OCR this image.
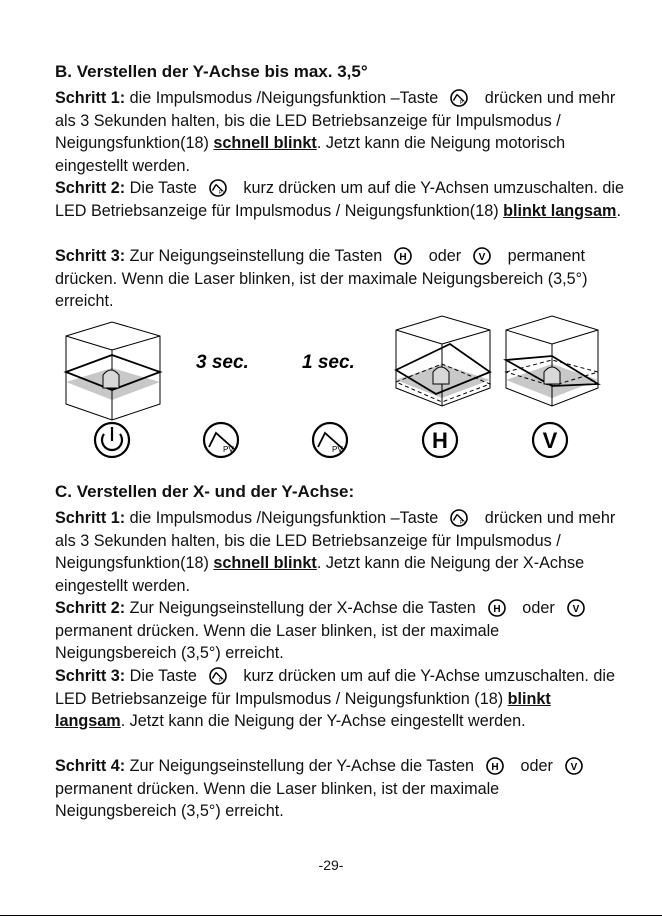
B. Verstellen der Y-Achse bis max. 3,5°
Schritt 1: die Impulsmodus /Neigungsfunktion –Taste	drücken und mehr als 3 Sekunden halten, bis die LED Betriebsanzeige für Impulsmodus / Neigungsfunktion(18) schnell blinkt. Jetzt kann die Neigung motorisch eingestellt werden.
Schritt 2: Die Taste	kurz drücken um auf die Y-Achsen umzuschalten. die LED Betriebsanzeige für Impulsmodus / Neigungsfunktion(18) blinkt langsam.
Schritt 3: Zur Neigungseinstellung die Tasten	oder	permanent drücken. Wenn die Laser blinken, ist der maximale Neigungsbereich (3,5°) erreicht.
3 sec.	1 sec.
PV	PV	H	V
C. Verstellen der X- und der Y-Achse:
Schritt 1: die Impulsmodus /Neigungsfunktion –Taste	drücken und mehr als 3 Sekunden halten, bis die LED Betriebsanzeige für Impulsmodus / Neigungsfunktion(18) schnell blinkt. Jetzt kann die Neigung der X-Achse eingestellt werden.
Schritt 2: Zur Neigungseinstellung der X-Achse die Tasten	oder
permanent drücken. Wenn die Laser blinken, ist der maximale Neigungsbereich (3,5°) erreicht.
Schritt 3: Die Taste	kurz drücken um auf die Y-Achse umzuschalten. die LED Betriebsanzeige für Impulsmodus / Neigungsfunktion (18) blinkt langsam. Jetzt kann die Neigung der Y-Achse eingestellt werden.
Schritt 4: Zur Neigungseinstellung der Y-Achse die Tasten	oder
permanent drücken. Wenn die Laser blinken, ist der maximale Neigungsbereich (3,5°) erreicht.
-29-
